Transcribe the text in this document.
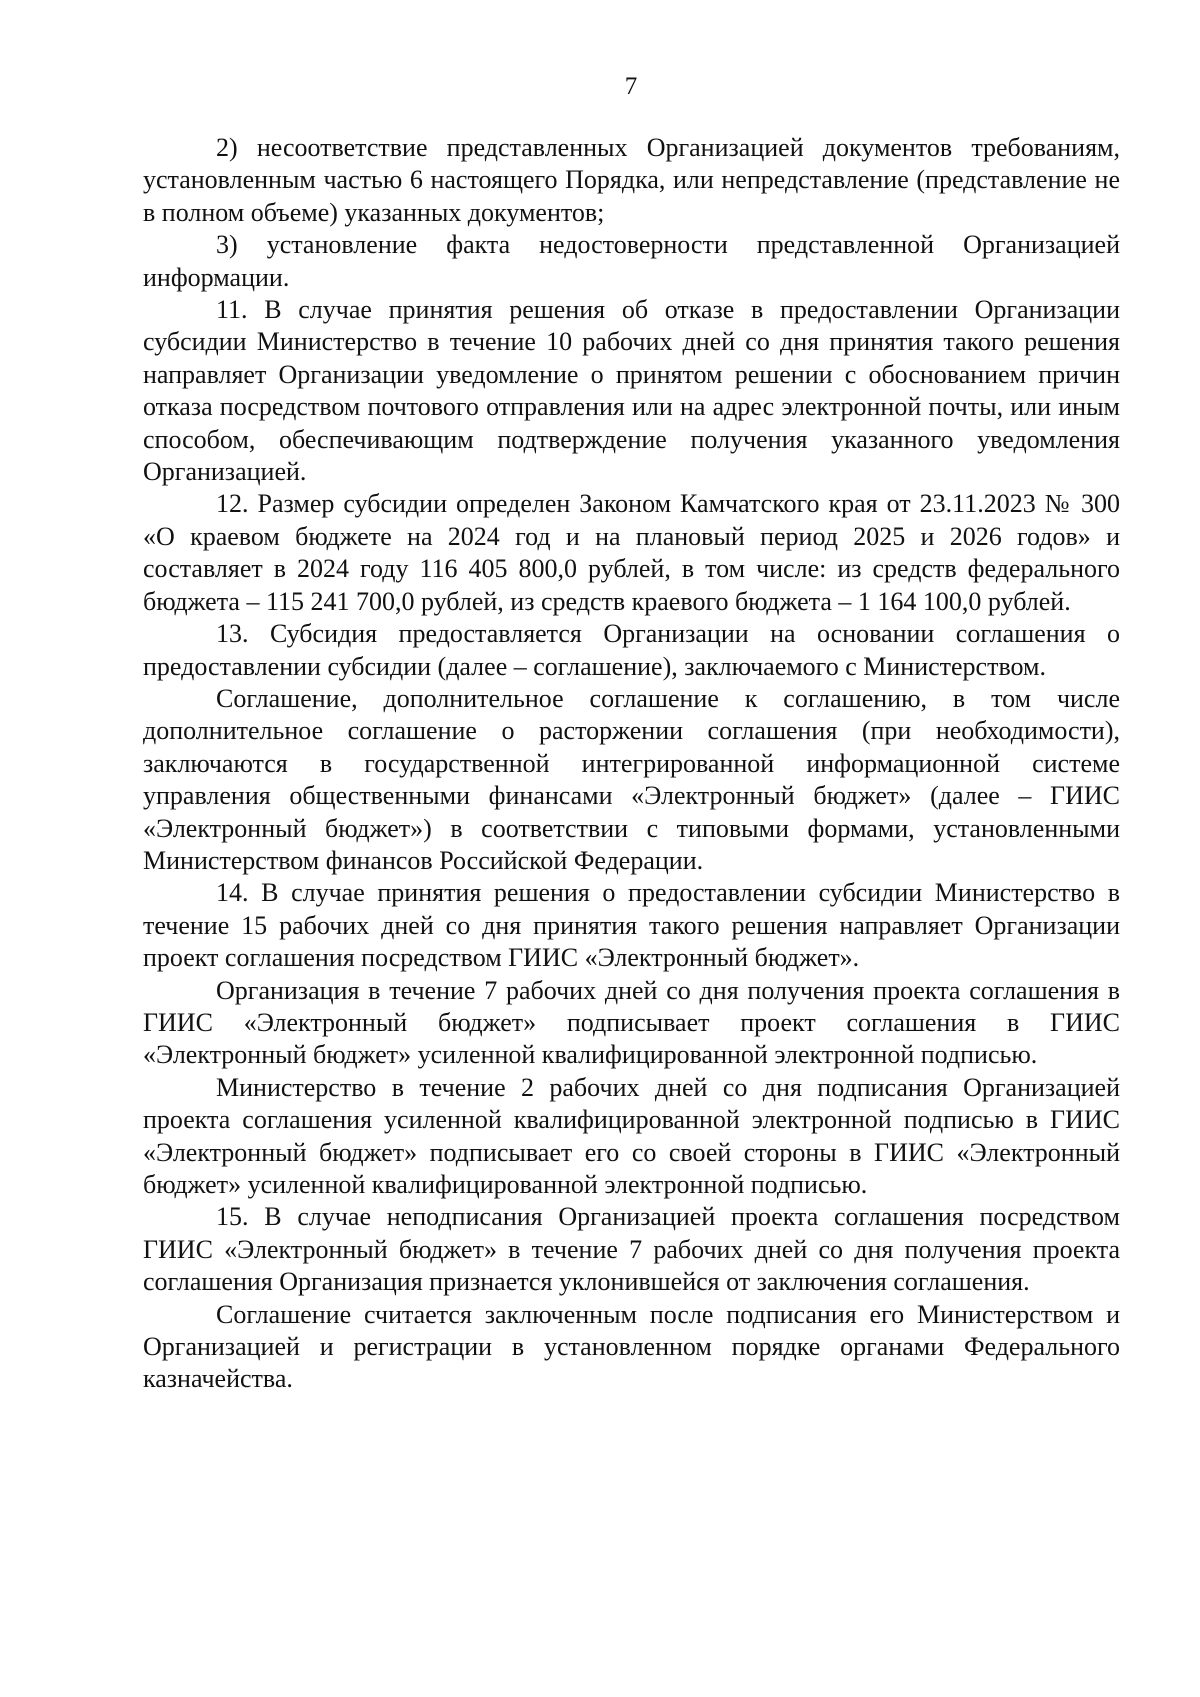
7

2) несоответствие представленных Организацией документов требованиям, установленным частью 6 настоящего Порядка, или непредставление (представление не в полном объеме) указанных документов;

3) установление факта недостоверности представленной Организацией информации.

11. В случае принятия решения об отказе в предоставлении Организации субсидии Министерство в течение 10 рабочих дней со дня принятия такого решения направляет Организации уведомление о принятом решении с обоснованием причин отказа посредством почтового отправления или на адрес электронной почты, или иным способом, обеспечивающим подтверждение получения указанного уведомления Организацией.

12. Размер субсидии определен Законом Камчатского края от 23.11.2023 № 300 «О краевом бюджете на 2024 год и на плановый период 2025 и 2026 годов» и составляет в 2024 году 116 405 800,0 рублей, в том числе: из средств федерального бюджета – 115 241 700,0 рублей, из средств краевого бюджета – 1 164 100,0 рублей.

13. Субсидия предоставляется Организации на основании соглашения о предоставлении субсидии (далее – соглашение), заключаемого с Министерством.

Соглашение, дополнительное соглашение к соглашению, в том числе дополнительное соглашение о расторжении соглашения (при необходимости), заключаются в государственной интегрированной информационной системе управления общественными финансами «Электронный бюджет» (далее – ГИИС «Электронный бюджет») в соответствии с типовыми формами, установленными Министерством финансов Российской Федерации.

14. В случае принятия решения о предоставлении субсидии Министерство в течение 15 рабочих дней со дня принятия такого решения направляет Организации проект соглашения посредством ГИИС «Электронный бюджет».

Организация в течение 7 рабочих дней со дня получения проекта соглашения в ГИИС «Электронный бюджет» подписывает проект соглашения в ГИИС «Электронный бюджет» усиленной квалифицированной электронной подписью.

Министерство в течение 2 рабочих дней со дня подписания Организацией проекта соглашения усиленной квалифицированной электронной подписью в ГИИС «Электронный бюджет» подписывает его со своей стороны в ГИИС «Электронный бюджет» усиленной квалифицированной электронной подписью.

15. В случае неподписания Организацией проекта соглашения посредством ГИИС «Электронный бюджет» в течение 7 рабочих дней со дня получения проекта соглашения Организация признается уклонившейся от заключения соглашения.

Соглашение считается заключенным после подписания его Министерством и Организацией и регистрации в установленном порядке органами Федерального казначейства.
